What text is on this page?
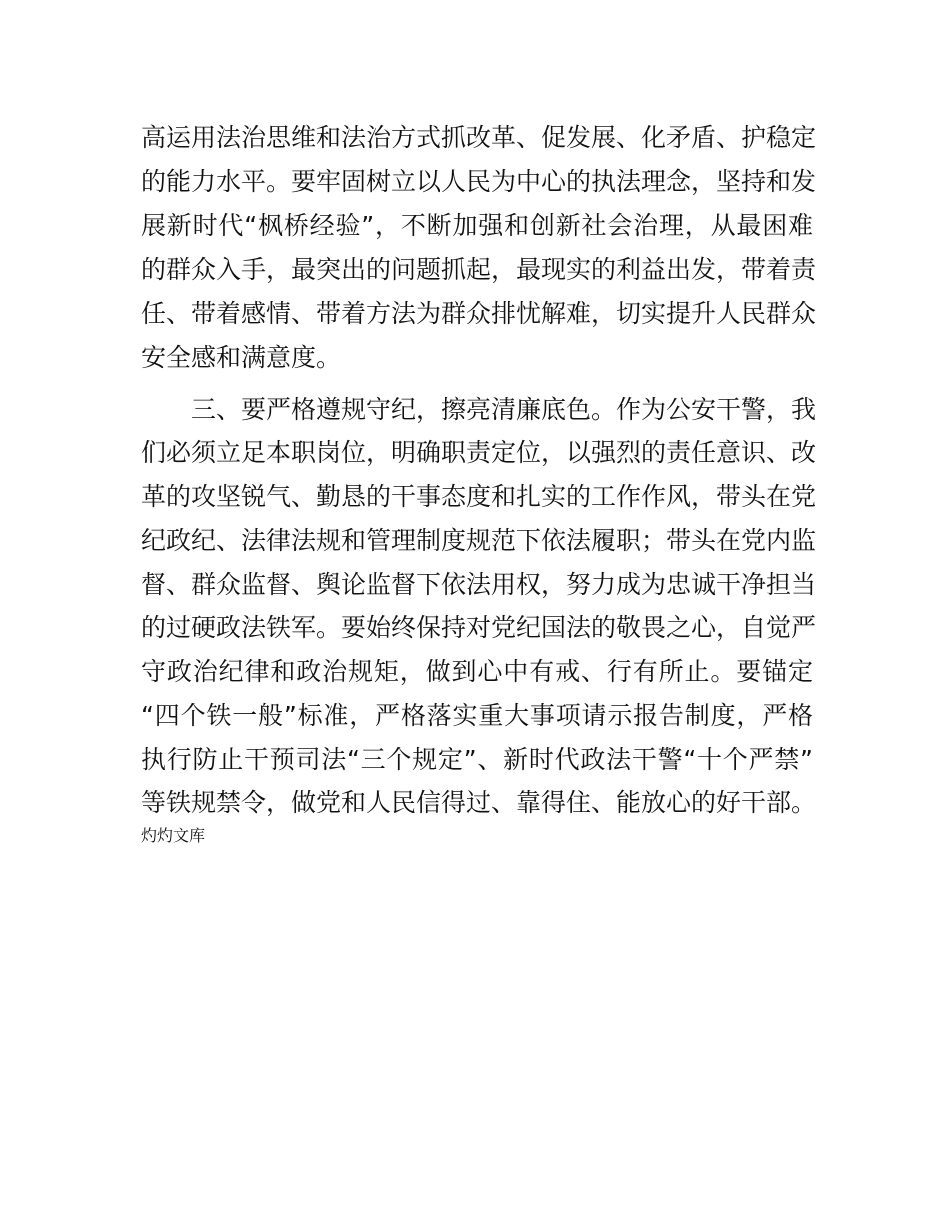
高运用法治思维和法治方式抓改革、促发展、化矛盾、护稳定
的能力水平。要牢固树立以人民为中心的执法理念，坚持和发
展新时代“枫桥经验”，不断加强和创新社会治理，从最困难
的群众入手，最突出的问题抓起，最现实的利益出发，带着责
任、带着感情、带着方法为群众排忧解难，切实提升人民群众
安全感和满意度。
三、要严格遵规守纪，擦亮清廉底色。作为公安干警，我
们必须立足本职岗位，明确职责定位，以强烈的责任意识、改
革的攻坚锐气、勤恳的干事态度和扎实的工作作风，带头在党
纪政纪、法律法规和管理制度规范下依法履职；带头在党内监
督、群众监督、舆论监督下依法用权，努力成为忠诚干净担当
的过硬政法铁军。要始终保持对党纪国法的敬畏之心，自觉严
守政治纪律和政治规矩，做到心中有戒、行有所止。要锚定
“四个铁一般”标准，严格落实重大事项请示报告制度，严格
执行防止干预司法“三个规定”、新时代政法干警“十个严禁”
等铁规禁令，做党和人民信得过、靠得住、能放心的好干部。
灼灼文库
